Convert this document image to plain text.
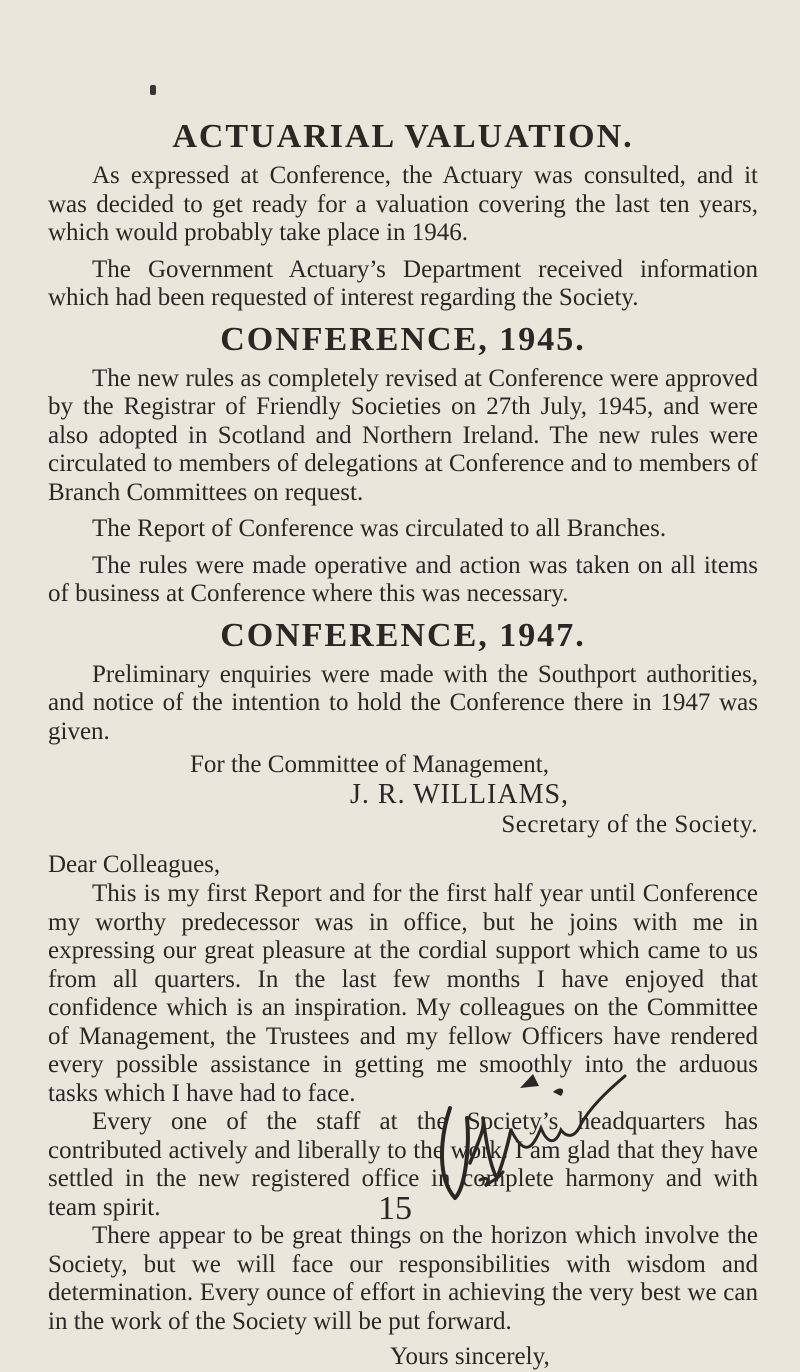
ACTUARIAL VALUATION.

As expressed at Conference, the Actuary was consulted, and it was decided to get ready for a valuation covering the last ten years, which would probably take place in 1946.

The Government Actuary’s Department received information which had been requested of interest regarding the Society.

CONFERENCE, 1945.

The new rules as completely revised at Conference were approved by the Registrar of Friendly Societies on 27th July, 1945, and were also adopted in Scotland and Northern Ireland. The new rules were circulated to members of delegations at Conference and to members of Branch Committees on request.

The Report of Conference was circulated to all Branches.

The rules were made operative and action was taken on all items of business at Conference where this was necessary.

CONFERENCE, 1947.

Preliminary enquiries were made with the Southport authorities, and notice of the intention to hold the Conference there in 1947 was given.

For the Committee of Management,
J. R. WILLIAMS,
Secretary of the Society.
Dear Colleagues,

This is my first Report and for the first half year until Conference my worthy predecessor was in office, but he joins with me in expressing our great pleasure at the cordial support which came to us from all quarters. In the last few months I have enjoyed that confidence which is an inspiration. My colleagues on the Committee of Management, the Trustees and my fellow Officers have rendered every possible assistance in getting me smoothly into the arduous tasks which I have had to face.

Every one of the staff at the Society’s headquarters has contributed actively and liberally to the work. I am glad that they have settled in the new registered office in complete harmony and with team spirit.

There appear to be great things on the horizon which involve the Society, but we will face our responsibilities with wisdom and determination. Every ounce of effort in achieving the very best we can in the work of the Society will be put forward.

Yours sincerely,
15
